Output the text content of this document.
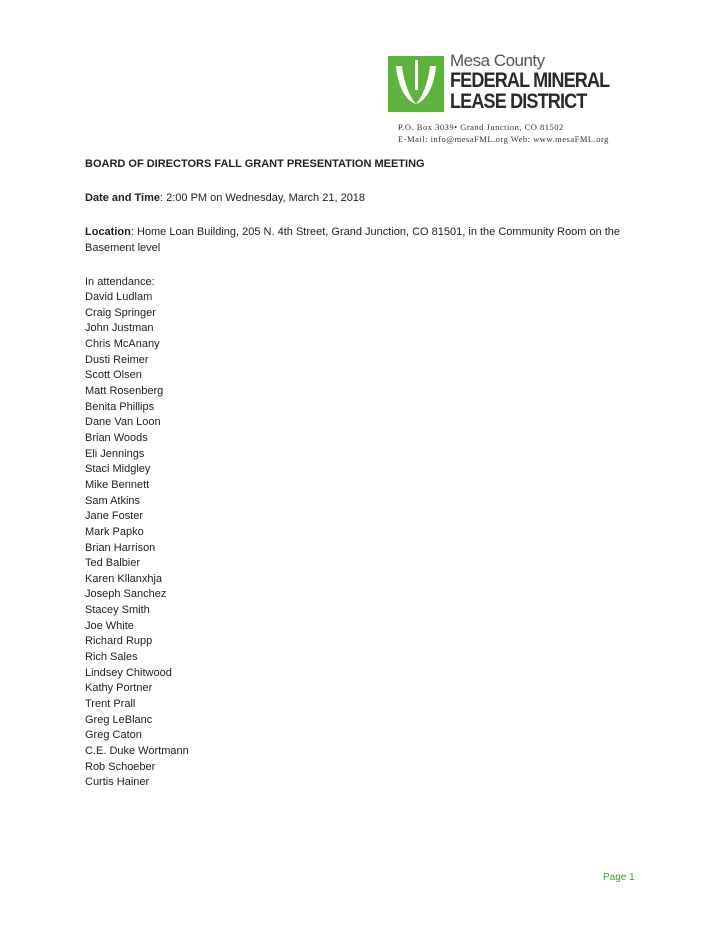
Mesa County
FEDERAL MINERAL
LEASE DISTRICT
P.O. Box 3039• Grand Junction, CO 81502
E-Mail: info@mesaFML.org Web: www.mesaFML.org
BOARD OF DIRECTORS FALL GRANT PRESENTATION MEETING
Date and Time: 2:00 PM on Wednesday, March 21, 2018
Location: Home Loan Building, 205 N. 4th Street, Grand Junction, CO 81501, in the Community Room on the Basement level
In attendance:
David Ludlam
Craig Springer
John Justman
Chris McAnany
Dusti Reimer
Scott Olsen
Matt Rosenberg
Benita Phillips
Dane Van Loon
Brian Woods
Eli Jennings
Staci Midgley
Mike Bennett
Sam Atkins
Jane Foster
Mark Papko
Brian Harrison
Ted Balbier
Karen Kllanxhja
Joseph Sanchez
Stacey Smith
Joe White
Richard Rupp
Rich Sales
Lindsey Chitwood
Kathy Portner
Trent Prall
Greg LeBlanc
Greg Caton
C.E. Duke Wortmann
Rob Schoeber
Curtis Hainer
Page 1
